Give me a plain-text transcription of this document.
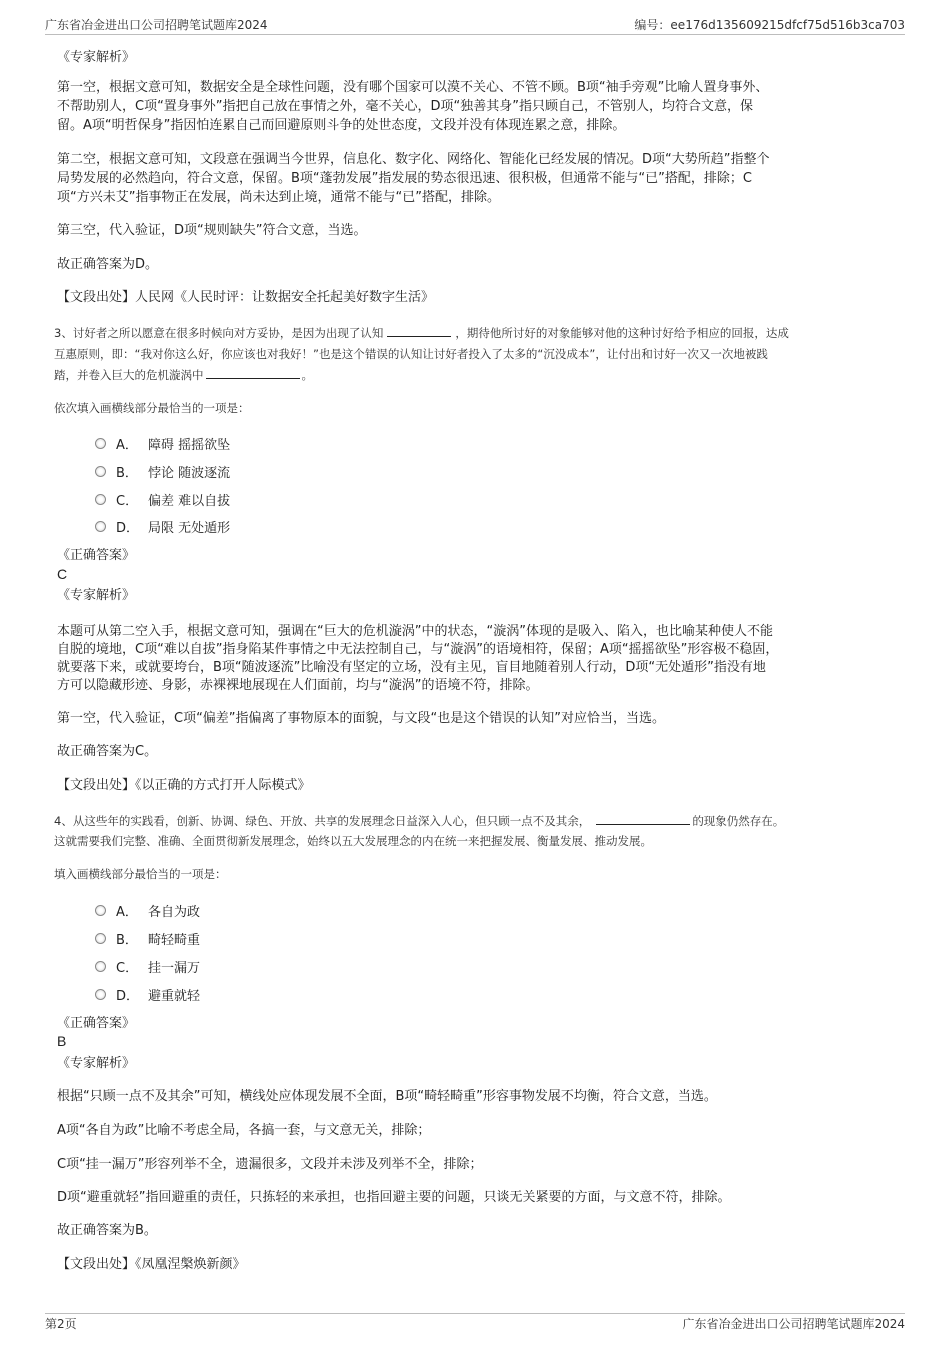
广东省冶金进出口公司招聘笔试题库2024	编号：ee176d135609215dfcf75d516b3ca703
《专家解析》
第一空，根据文意可知，数据安全是全球性问题，没有哪个国家可以漠不关心、不管不顾。B项“袖手旁观”比喻人置身事外、
不帮助别人，C项“置身事外”指把自己放在事情之外，毫不关心，D项“独善其身”指只顾自己，不管别人，均符合文意，保
留。A项“明哲保身”指因怕连累自己而回避原则斗争的处世态度，文段并没有体现连累之意，排除。
第二空，根据文意可知，文段意在强调当今世界，信息化、数字化、网络化、智能化已经发展的情况。D项“大势所趋”指整个
局势发展的必然趋向，符合文意，保留。B项“蓬勃发展”指发展的势态很迅速、很积极，但通常不能与“已”搭配，排除；C
项“方兴未艾”指事物正在发展，尚未达到止境，通常不能与“已”搭配，排除。
第三空，代入验证，D项“规则缺失”符合文意，当选。
故正确答案为D。
【文段出处】人民网《人民时评：让数据安全托起美好数字生活》
3、讨好者之所以愿意在很多时候向对方妥协，是因为出现了认知	，期待他所讨好的对象能够对他的这种讨好给予相应的回报，达成
互惠原则，即：“我对你这么好，你应该也对我好！”也是这个错误的认知让讨好者投入了太多的“沉没成本”，让付出和讨好一次又一次地被践
踏，并卷入巨大的危机漩涡中	。
依次填入画横线部分最恰当的一项是：
A． 障碍 摇摇欲坠
B． 悖论 随波逐流
C． 偏差 难以自拔
D． 局限 无处遁形
《正确答案》
C
《专家解析》
本题可从第二空入手，根据文意可知，强调在“巨大的危机漩涡”中的状态，“漩涡”体现的是吸入、陷入，也比喻某种使人不能
自脱的境地，C项“难以自拔”指身陷某件事情之中无法控制自己，与“漩涡”的语境相符，保留；A项“摇摇欲坠”形容极不稳固，
就要落下来，或就要垮台，B项“随波逐流”比喻没有坚定的立场，没有主见，盲目地随着别人行动，D项“无处遁形”指没有地
方可以隐藏形迹、身影，赤裸裸地展现在人们面前，均与“漩涡”的语境不符，排除。
第一空，代入验证，C项“偏差”指偏离了事物原本的面貌，与文段“也是这个错误的认知”对应恰当，当选。
故正确答案为C。
【文段出处】《以正确的方式打开人际模式》
4、从这些年的实践看，创新、协调、绿色、开放、共享的发展理念日益深入人心，但只顾一点不及其余，	的现象仍然存在。
这就需要我们完整、准确、全面贯彻新发展理念，始终以五大发展理念的内在统一来把握发展、衡量发展、推动发展。
填入画横线部分最恰当的一项是：
A． 各自为政
B． 畸轻畸重
C． 挂一漏万
D． 避重就轻
《正确答案》
B
《专家解析》
根据“只顾一点不及其余”可知，横线处应体现发展不全面，B项“畸轻畸重”形容事物发展不均衡，符合文意，当选。
A项“各自为政”比喻不考虑全局，各搞一套，与文意无关，排除；
C项“挂一漏万”形容列举不全，遗漏很多，文段并未涉及列举不全，排除；
D项“避重就轻”指回避重的责任，只拣轻的来承担，也指回避主要的问题，只谈无关紧要的方面，与文意不符，排除。
故正确答案为B。
【文段出处】《凤凰涅槃焕新颜》
第2页	广东省冶金进出口公司招聘笔试题库2024
